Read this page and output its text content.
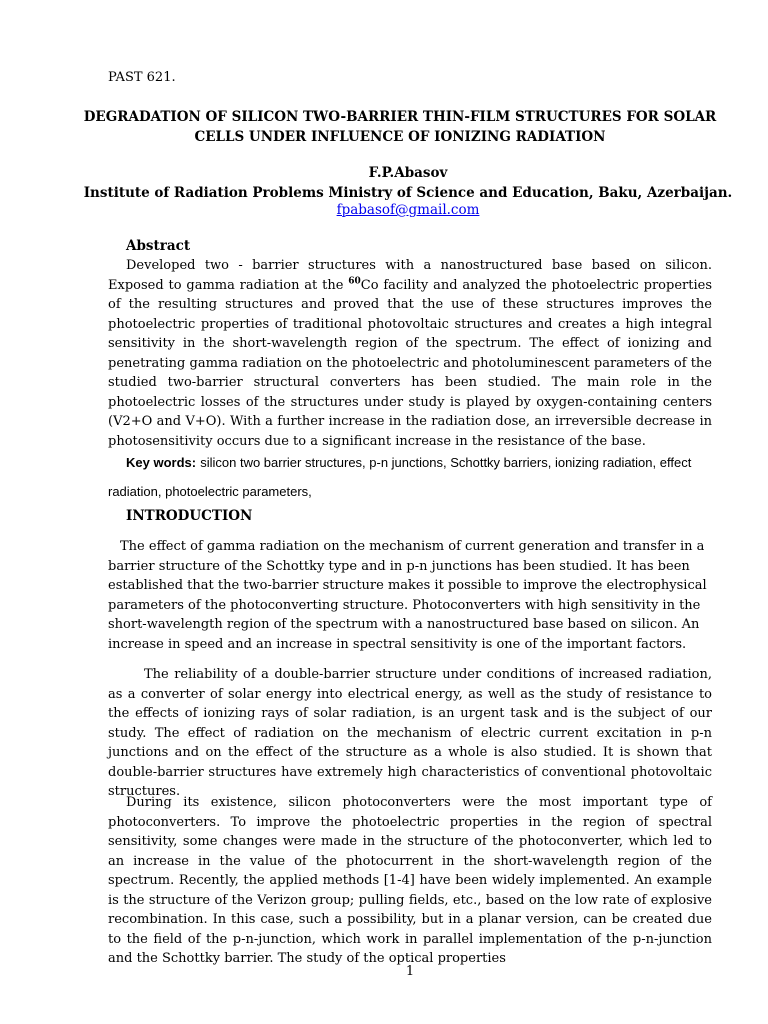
PAST 621.

DEGRADATION OF SILICON TWO-BARRIER THIN-FILM STRUCTURES FOR SOLAR CELLS UNDER INFLUENCE OF IONIZING RADIATION

F.P.Abasov

Institute of Radiation Problems Ministry of Science and Education, Baku, Azerbaijan.

fpabasof@gmail.com

Abstract

Developed two - barrier structures with a nanostructured base based on silicon. Exposed to gamma radiation at the $^{60}$Co facility and analyzed the photoelectric properties of the resulting structures and proved that the use of these structures improves the photoelectric properties of traditional photovoltaic structures and creates a high integral sensitivity in the short-wavelength region of the spectrum. The effect of ionizing and penetrating gamma radiation on the photoelectric and photoluminescent parameters of the studied two-barrier structural converters has been studied. The main role in the photoelectric losses of the structures under study is played by oxygen-containing centers (V2+O and V+O). With a further increase in the radiation dose, an irreversible decrease in photosensitivity occurs due to a significant increase in the resistance of the base.

Key words: silicon two barrier structures, p-n junctions, Schottky barriers, ionizing radiation, effect radiation, photoelectric parameters,

INTRODUCTION

The effect of gamma radiation on the mechanism of current generation and transfer in a barrier structure of the Schottky type and in p-n junctions has been studied. It has been established that the two-barrier structure makes it possible to improve the electrophysical parameters of the photoconverting structure. Photoconverters with high sensitivity in the short-wavelength region of the spectrum with a nanostructured base based on silicon. An increase in speed and an increase in spectral sensitivity is one of the important factors.

The reliability of a double-barrier structure under conditions of increased radiation, as a converter of solar energy into electrical energy, as well as the study of resistance to the effects of ionizing rays of solar radiation, is an urgent task and is the subject of our study. The effect of radiation on the mechanism of electric current excitation in p-n junctions and on the effect of the structure as a whole is also studied. It is shown that double-barrier structures have extremely high characteristics of conventional photovoltaic structures.

During its existence, silicon photoconverters were the most important type of photoconverters. To improve the photoelectric properties in the region of spectral sensitivity, some changes were made in the structure of the photoconverter, which led to an increase in the value of the photocurrent in the short-wavelength region of the spectrum. Recently, the applied methods [1-4] have been widely implemented. An example is the structure of the Verizon group; pulling fields, etc., based on the low rate of explosive recombination. In this case, such a possibility, but in a planar version, can be created due to the field of the p-n-junction, which work in parallel implementation of the p-n-junction and the Schottky barrier. The study of the optical properties

1
